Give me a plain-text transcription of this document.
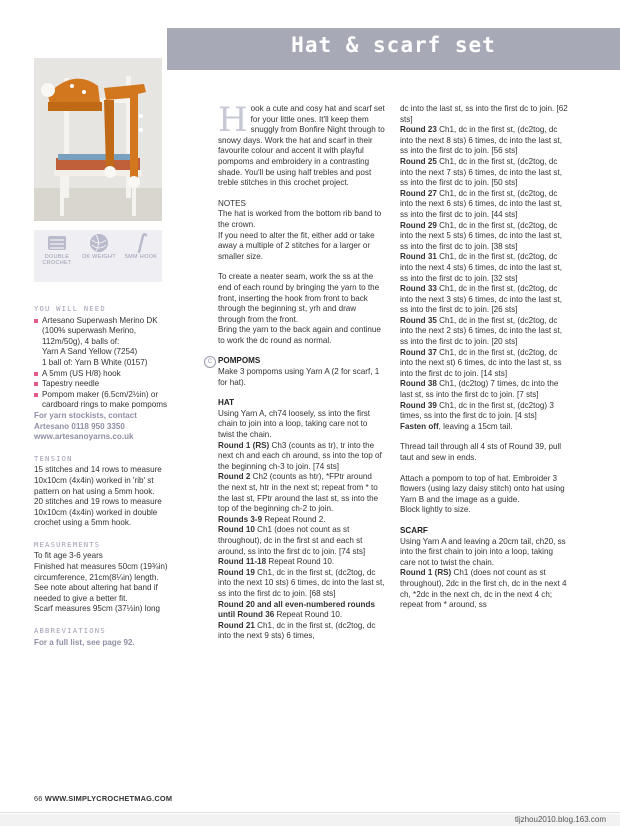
Hat & scarf set
DOUBLE CROCHET
DK WEIGHT	5MM HOOK
YOU WILL NEED
Artesano Superwash Merino DK (100% superwash Merino, 112m/50g), 4 balls of:
Yarn A Sand Yellow (7254)
1 ball of: Yarn B White (0157)
A 5mm (US H/8) hook
Tapestry needle
Pompom maker (6.5cm/2½in) or cardboard rings to make pompoms

For yarn stockists, contact Artesano 0118 950 3350

www.artesanoyarns.co.uk

TENSION

15 stitches and 14 rows to measure 10x10cm (4x4in) worked in 'rib' st pattern on hat using a 5mm hook.

20 stitches and 19 rows to measure 10x10cm (4x4in) worked in double crochet using a 5mm hook.

MEASUREMENTS

To fit age 3-6 years

Finished hat measures 50cm (19¾in) circumference, 21cm(8¼in) length.

See note about altering hat band if needed to give a better fit.

Scarf measures 95cm (37½in) long

ABBREVIATIONS

For a full list, see page 92.

Hook a cute and cosy hat and scarf set for your little ones. It'll keep them snuggly from Bonfire Night through to snowy days. Work the hat and scarf in their favourite colour and accent it with playful pompoms and embroidery in a contrasting shade. You'll be using half trebles and post treble stitches in this crochet project.

NOTES

The hat is worked from the bottom rib band to the crown.

If you need to alter the fit, either add or take away a multiple of 2 stitches for a larger or smaller size.

To create a neater seam, work the ss at the end of each round by bringing the yarn to the front, inserting the hook from front to back through the beginning st, yrh and draw through from the front.

Bring the yarn to the back again and continue to work the dc round as normal.

C POMPOMS

Make 3 pompoms using Yarn A (2 for scarf, 1 for hat).

HAT

Using Yarn A, ch74 loosely, ss into the first chain to join into a loop, taking care not to twist the chain.

Round 1 (RS) Ch3 (counts as tr), tr into the next ch and each ch around, ss into the top of the beginning ch-3 to join. [74 sts]

Round 2 Ch2 (counts as htr), *FPtr around the next st, htr in the next st; repeat from * to the last st, FPtr around the last st, ss into the top of the beginning ch-2 to join.

Rounds 3-9 Repeat Round 2.

Round 10 Ch1 (does not count as st throughout), dc in the first st and each st around, ss into the first dc to join. [74 sts]

Round 11-18 Repeat Round 10.

Round 19 Ch1, dc in the first st, (dc2tog, dc into the next 10 sts) 6 times, dc into the last st, ss into the first dc to join. [68 sts]

Round 20 and all even-numbered rounds until Round 36 Repeat Round 10.

Round 21 Ch1, dc in the first st, (dc2tog, dc into the next 9 sts) 6 times,

dc into the last st, ss into the first dc to join. [62 sts]

Round 23 Ch1, dc in the first st, (dc2tog, dc into the next 8 sts) 6 times, dc into the last st, ss into the first dc to join. [56 sts]

Round 25 Ch1, dc in the first st, (dc2tog, dc into the next 7 sts) 6 times, dc into the last st, ss into the first dc to join. [50 sts]

Round 27 Ch1, dc in the first st, (dc2tog, dc into the next 6 sts) 6 times, dc into the last st, ss into the first dc to join. [44 sts]

Round 29 Ch1, dc in the first st, (dc2tog, dc into the next 5 sts) 6 times, dc into the last st, ss into the first dc to join. [38 sts]

Round 31 Ch1, dc in the first st, (dc2tog, dc into the next 4 sts) 6 times, dc into the last st, ss into the first dc to join. [32 sts]

Round 33 Ch1, dc in the first st, (dc2tog, dc into the next 3 sts) 6 times, dc into the last st, ss into the first dc to join. [26 sts]

Round 35 Ch1, dc in the first st, (dc2tog, dc into the next 2 sts) 6 times, dc into the last st, ss into the first dc to join. [20 sts]

Round 37 Ch1, dc in the first st, (dc2tog, dc into the next st) 6 times, dc into the last st, ss into the first dc to join. [14 sts]

Round 38 Ch1, (dc2tog) 7 times, dc into the last st, ss into the first dc to join. [7 sts]

Round 39 Ch1, dc in the first st, (dc2tog) 3 times, ss into the first dc to join. [4 sts]

Fasten off, leaving a 15cm tail.

Thread tail through all 4 sts of Round 39, pull taut and sew in ends.

Attach a pompom to top of hat. Embroider 3 flowers (using lazy daisy stitch) onto hat using Yarn B and the image as a guide.

Block lightly to size.

SCARF

Using Yarn A and leaving a 20cm tail, ch20, ss into the first chain to join into a loop, taking care not to twist the chain.

Round 1 (RS) Ch1 (does not count as st throughout), 2dc in the first ch, dc in the next 4 ch, *2dc in the next ch, dc in the next 4 ch; repeat from * around, ss

66 WWW.SIMPLYCROCHETMAG.COM
tljzhou2010.blog.163.com
